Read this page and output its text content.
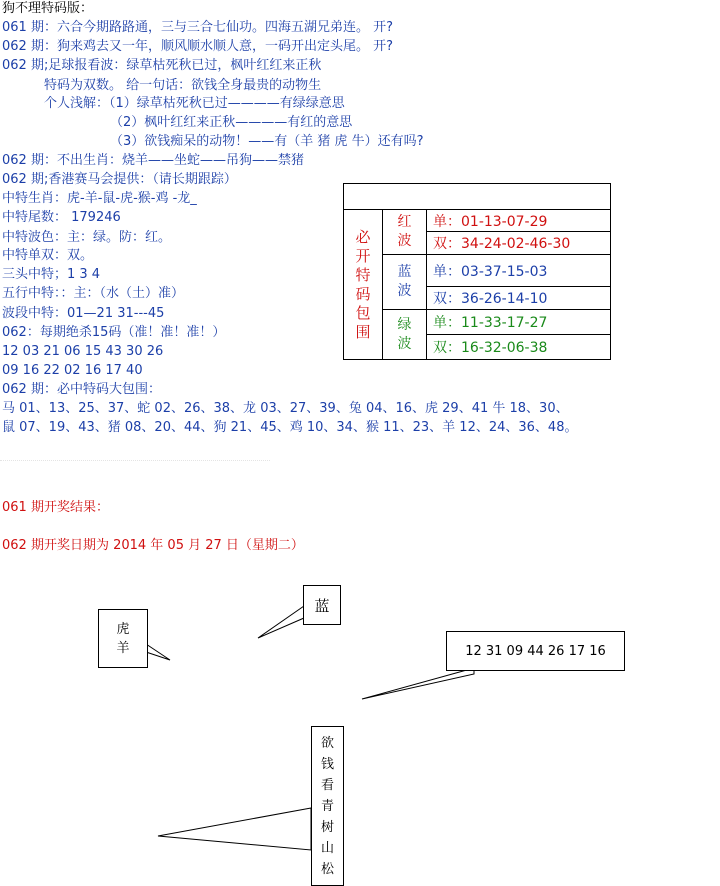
狗不理特码版：
061 期：六合今期路路通，三与三合七仙功。四海五湖兄弟连。 开?
062 期：狗来鸡去又一年，顺风顺水顺人意，一码开出定头尾。 开?
062 期;足球报看波：绿草枯死秋已过，枫叶红红来正秋
特码为双数。 给一句话：欲钱全身最贵的动物生
个人浅解：（1）绿草枯死秋已过————有绿绿意思
（2）枫叶红红来正秋————有红的意思
（3）欲钱痴呆的动物！——有（羊 猪 虎 牛）还有吗?
062 期：不出生肖：烧羊——坐蛇——吊狗——禁猪
062 期;香港赛马会提供：（请长期跟踪）
中特生肖：虎-羊-鼠-虎-猴-鸡 -龙_
中特尾数： 179246
中特波色：主：绿。防：红。
中特单双：双。
三头中特；1 3 4
五行中特：：主：（水（土）准）
波段中特：01—21 31---45
062：每期绝杀15码（准！准！准！）
12 03 21 06 15 43 30 26
09 16 22 02 16 17 40
062 期：必中特码大包围：
马 01、13、25、37、蛇 02、26、38、龙 03、27、39、兔 04、16、虎 29、41 牛 18、30、
鼠 07、19、43、猪 08、20、44、狗 21、45、鸡 10、34、猴 11、23、羊 12、24、36、48。
必
开
特
码
包
围
红
波
单：01-13-07-29
双：34-24-02-46-30
蓝
波
单：03-37-15-03
双：36-26-14-10
绿
波
单：11-33-17-27
双：16-32-06-38
061 期开奖结果：
062 期开奖日期为 2014 年 05 月 27 日（星期二）
虎
羊
蓝
12 31 09 44 26 17 16
欲
钱
看
青
树
山
松
